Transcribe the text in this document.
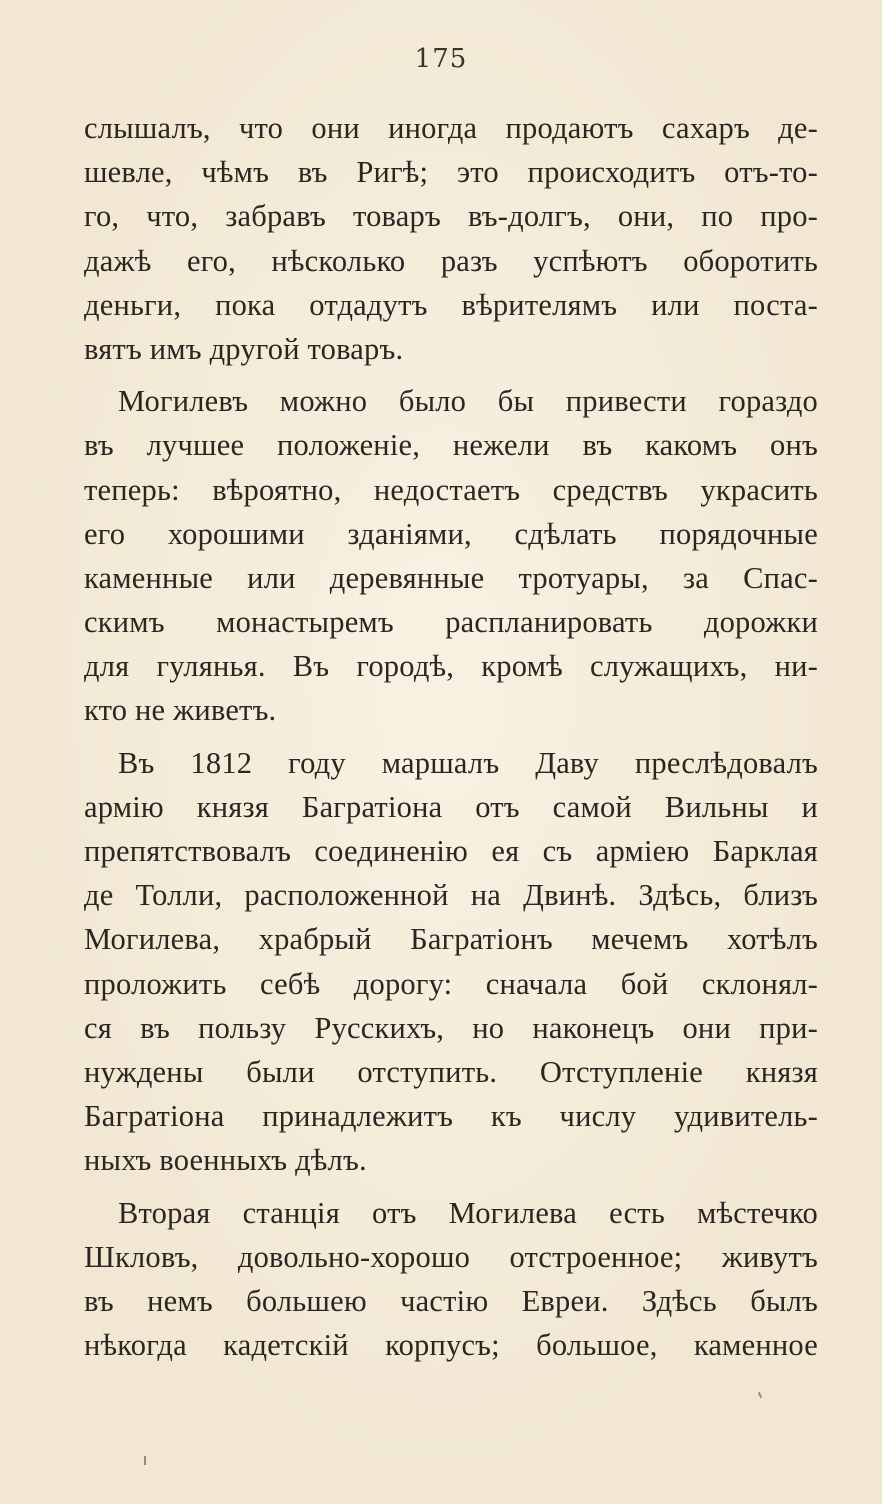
175
слышалъ, что они иногда продаютъ сахаръ де-
шевле, чѣмъ въ Ригѣ; это происходитъ отъ-то-
го, что, забравъ товаръ въ-долгъ, они, по про-
дажѣ его, нѣсколько разъ успѣютъ оборотить
деньги, пока отдадутъ вѣрителямъ или поста-
вятъ имъ другой товаръ.
Могилевъ можно было бы привести гораздо
въ лучшее положеніе, нежели въ какомъ онъ
теперь: вѣроятно, недостаетъ средствъ украсить
его хорошими зданіями, сдѣлать порядочные
каменные или деревянные тротуары, за Спас-
скимъ монастыремъ распланировать дорожки
для гулянья. Въ городѣ, кромѣ служащихъ, ни-
кто не живетъ.
Въ 1812 году маршалъ Даву преслѣдовалъ
армію князя Багратіона отъ самой Вильны и
препятствовалъ соединенію ея съ арміею Барклая
де Толли, расположенной на Двинѣ. Здѣсь, близъ
Могилева, храбрый Багратіонъ мечемъ хотѣлъ
проложить себѣ дорогу: сначала бой склонял-
ся въ пользу Русскихъ, но наконецъ они при-
нуждены были отступить. Отступленіе князя
Багратіона принадлежитъ къ числу удивитель-
ныхъ военныхъ дѣлъ.
Вторая станція отъ Могилева есть мѣстечко
Шкловъ, довольно-хорошо отстроенное; живутъ
въ немъ большею частію Евреи. Здѣсь былъ
нѣкогда кадетскій корпусъ; большое, каменное
